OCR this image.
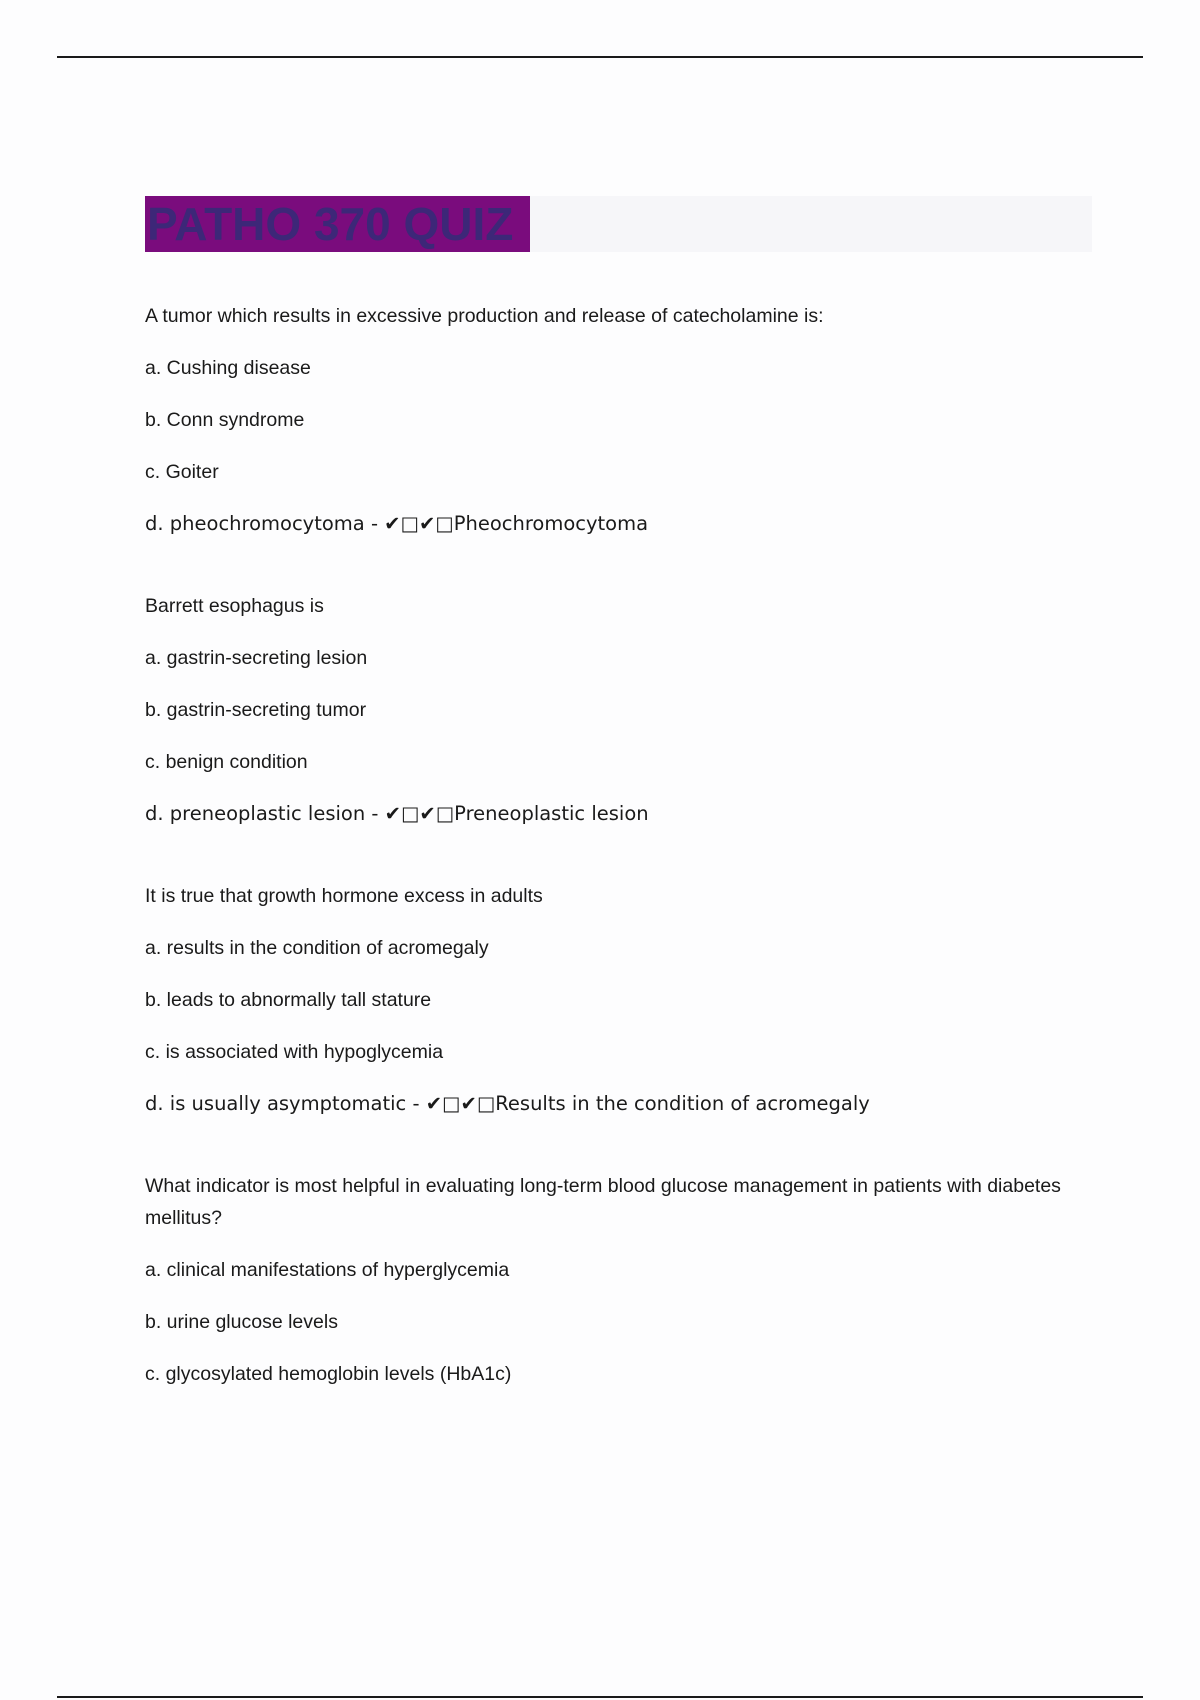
PATHO 370 QUIZ

A tumor which results in excessive production and release of catecholamine is:

a. Cushing disease

b. Conn syndrome

c. Goiter

d. pheochromocytoma - ✔□✔□Pheochromocytoma

Barrett esophagus is

a. gastrin-secreting lesion

b. gastrin-secreting tumor

c. benign condition

d. preneoplastic lesion - ✔□✔□Preneoplastic lesion

It is true that growth hormone excess in adults

a. results in the condition of acromegaly

b. leads to abnormally tall stature

c. is associated with hypoglycemia

d. is usually asymptomatic - ✔□✔□Results in the condition of acromegaly

What indicator is most helpful in evaluating long-term blood glucose management in patients with diabetes mellitus?

a. clinical manifestations of hyperglycemia

b. urine glucose levels

c. glycosylated hemoglobin levels (HbA1c)
